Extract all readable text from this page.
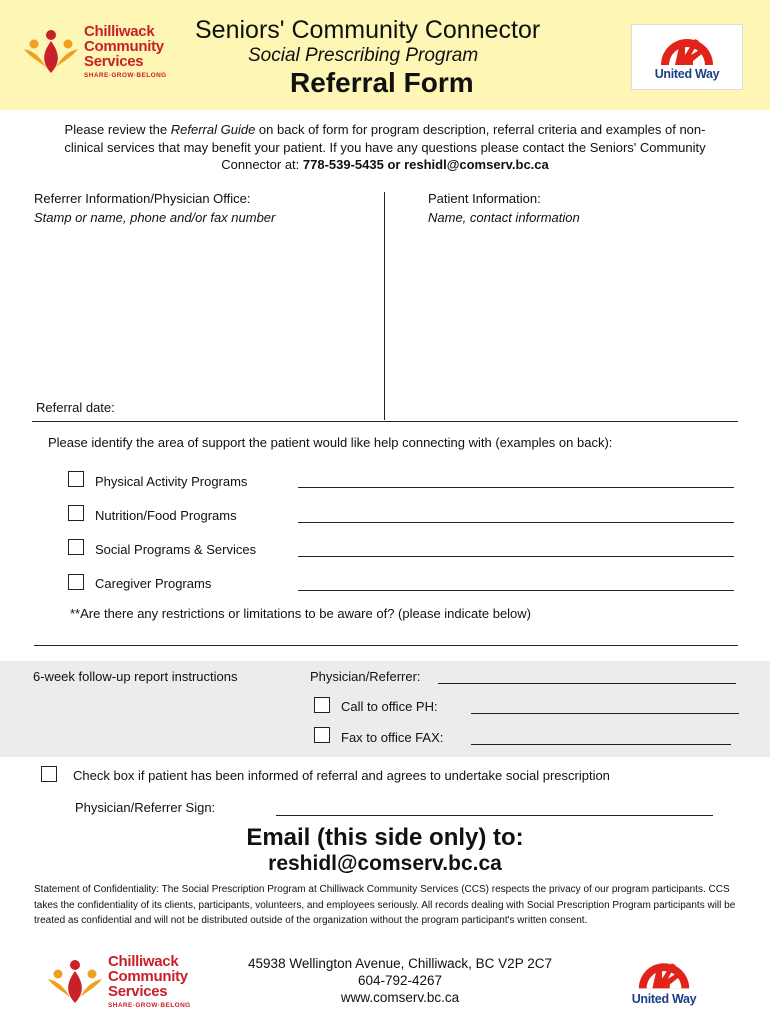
Chilliwack
Community
Services
SHARE·GROW·BELONG
Seniors' Community Connector
Social Prescribing Program
Referral Form	United Way
Please review the Referral Guide on back of form for program description, referral criteria and examples of non-clinical services that may benefit your patient. If you have any questions please contact the Seniors' Community Connector at: 778-539-5435 or reshidl@comserv.bc.ca
Referrer Information/Physician Office:
Stamp or name, phone and/or fax number
Patient Information:
Name, contact information
Referral date:
Please identify the area of support the patient would like help connecting with (examples on back):
Physical Activity Programs
Nutrition/Food Programs
Social Programs & Services
Caregiver Programs
**Are there any restrictions or limitations to be aware of? (please indicate below)
6-week follow-up report instructions	Physician/Referrer:
Call to office PH:
Fax to office FAX:
Check box if patient has been informed of referral and agrees to undertake social prescription
Physician/Referrer Sign:
Email (this side only) to:
reshidl@comserv.bc.ca
Statement of Confidentiality: The Social Prescription Program at Chilliwack Community Services (CCS) respects the privacy of our program participants. CCS takes the confidentiality of its clients, participants, volunteers, and employees seriously. All records dealing with Social Prescription Program participants will be treated as confidential and will not be distributed outside of the organization without the program participant's written consent.
Chilliwack
Community
Services
SHARE·GROW·BELONG
45938 Wellington Avenue, Chilliwack, BC V2P 2C7
604-792-4267
www.comserv.bc.ca	United Way
